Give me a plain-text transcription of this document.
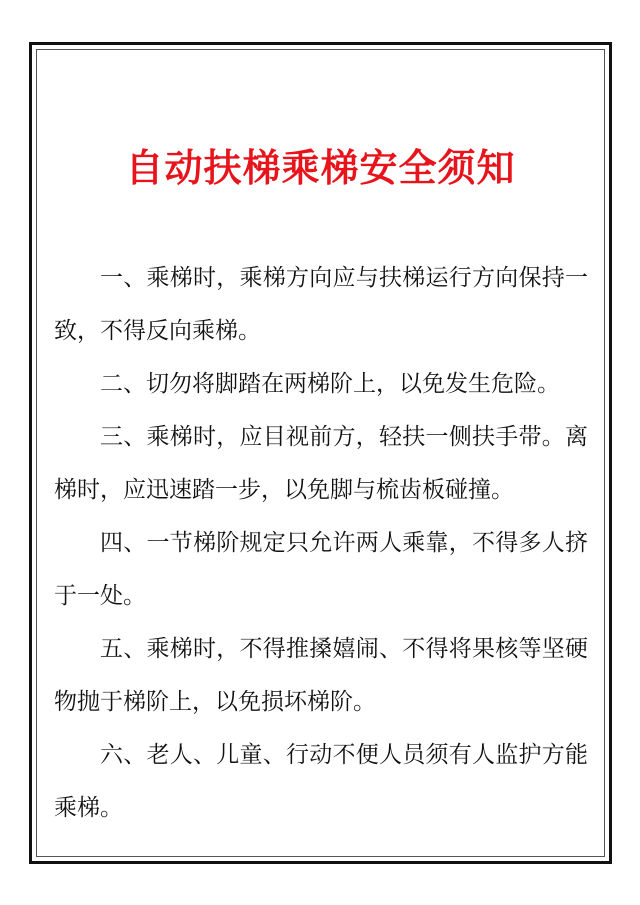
自动扶梯乘梯安全须知

一、乘梯时，乘梯方向应与扶梯运行方向保持一致，不得反向乘梯。

二、切勿将脚踏在两梯阶上，以免发生危险。

三、乘梯时，应目视前方，轻扶一侧扶手带。离梯时，应迅速踏一步，以免脚与梳齿板碰撞。

四、一节梯阶规定只允许两人乘靠，不得多人挤于一处。

五、乘梯时，不得推搡嬉闹、不得将果核等坚硬物抛于梯阶上，以免损坏梯阶。

六、老人、儿童、行动不便人员须有人监护方能乘梯。
